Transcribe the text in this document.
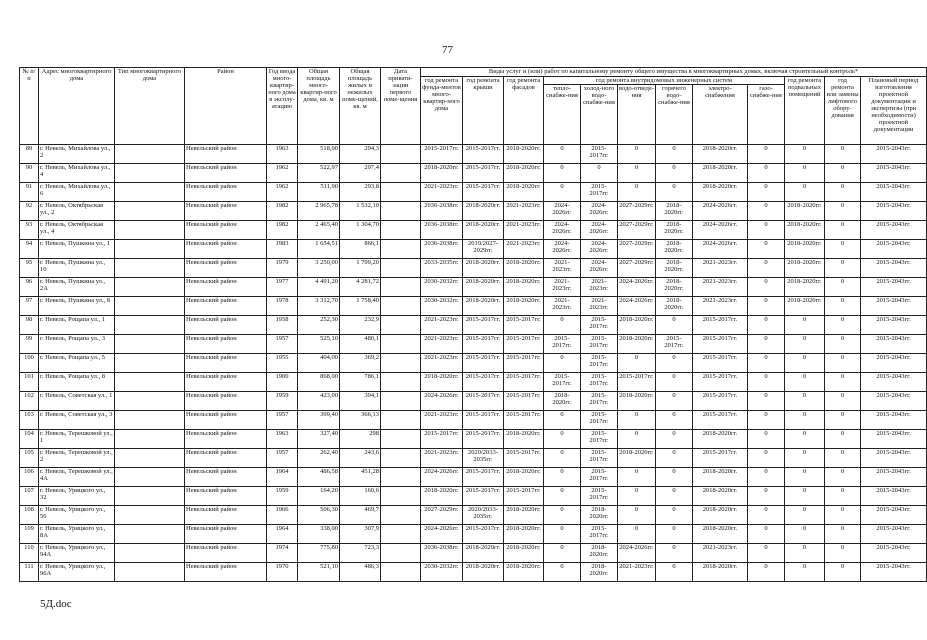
77
№ п/п	Адрес многоквартирного дома	Тип многоквартирного дома	Район	Год ввода много-квартир-ного дома в эксплу-атацию	Общая площадь много-квартир-ного дома, кв. м	Общая площадь жилых и нежилых поме-щений, кв. м	Дата привати-зации первого поме-щения	Виды услуг и (или) работ по капитальному ремонту общего имущества в многоквартирных домах, включая строительный контроль*											
								год ремонта фунда-ментов много-квартир-ного дома	год ремонта крыши	год ремонта фасадов	год ремонта внутридомовых инженерных систем						год ремонта подвальных помещений	год ремонта или замены лифтового обору-дования	Плановый период изготовления проектной документации и экспертизы (при необходимости) проектной документации
											тепло-снабже-ния	холод-ного водо-снабже-ния	водо-отведе-ния	горячего водо-снабже-ния	электро-снабжения	газо-снабже-ния			
89	г. Невель, Михайлова ул., 2		Невельский район	1963	518,90	294,3		2015-2017гг.	2015-2017гг.	2018-2020гг.	0	2015-2017гг.	0	0	2018-2020гг.	0	0	0	2015-2043гг.
90	г. Невель, Михайлова ул., 4		Невельский район	1962	522,97	297,4		2018-2020гг.	2015-2017гг.	2018-2020гг.	0	0	0	0	2018-2020гг.	0	0	0	2015-2043гг.
91	г. Невель, Михайлова ул., 6		Невельский район	1962	511,90	293,8		2021-2023гг.	2015-2017гг.	2018-2020гг.	0	2015-2017гг.	0	0	2018-2020гг.	0	0	0	2015-2043гг.
92	г. Невель, Октябрьская ул., 2		Невельский район	1982	2 965,78	1 532,10		2036-2038гг.	2018-2020гг.	2021-2023гг.	2024-2026гг.	2024-2026гг.	2027-2029гг.	2018-2020гг.	2024-2026гг.	0	2018-2020гг.	0	2015-2043гг.
93	г. Невель, Октябрьская ул., 4		Невельский район	1982	2 465,40	1 304,70		2036-2038гг.	2018-2020гг.	2021-2023гг.	2024-2026гг.	2024-2026гг.	2027-2029гг.	2018-2020гг.	2024-2026гг.	0	2018-2020гг.	0	2015-2043гг.
94	г. Невель, Пушкина ул., 1		Невельский район	1983	1 654,51	866,1		2036-2038гг.	2019/2027-2029гг.	2021-2023гг.	2024-2026гг.	2024-2026гг.	2027-2029гг.	2018-2020гг.	2024-2026гг.	0	2018-2020гг.	0	2015-2043гг.
95	г. Невель, Пушкина ул., 10		Невельский район	1979	3 250,00	1 709,20		2033-2035гг.	2018-2020гг.	2018-2020гг.	2021-2023гг.	2024-2026гг.	2027-2029гг.	2018-2020гг.	2021-2023гг.	0	2018-2020гг.	0	2015-2043гг.
96	г. Невель, Пушкина ул., 2А		Невельский район	1977	4 491,20	4 281,72		2030-2032гг.	2018-2020гг.	2018-2020гг.	2021-2023гг.	2021-2023гг.	2024-2026гг.	2018-2020гг.	2021-2023гг.	0	2018-2020гг.	0	2015-2043гг.
97	г. Невель, Пушкина ул., 8		Невельский район	1978	3 312,70	1 758,40		2030-2032гг.	2018-2020гг.	2018-2020гг.	2021-2023гг.	2021-2023гг.	2024-2026гг.	2018-2020гг.	2021-2023гг.	0	2018-2020гг.	0	2015-2043гг.
98	г. Невель, Рощапа ул., 1		Невельский район	1958	252,30	232,9		2021-2023гг.	2015-2017гг.	2015-2017гг.	0	2015-2017гг.	2018-2020гг.	0	2015-2017гг.	0	0	0	2015-2043гг.
99	г. Невель, Рощапа ул., 3		Невельский район	1957	525,10	480,1		2021-2023гг.	2015-2017гг.	2015-2017гг.	2015-2017гг.	2015-2017гг.	2018-2020гг.	2015-2017гг.	2015-2017гг.	0	0	0	2015-2043гг.
100	г. Невель, Рощапа ул., 5		Невельский район	1955	404,00	369,2		2021-2023гг.	2015-2017гг.	2015-2017гг.	0	2015-2017гг.	0	0	2015-2017гг.	0	0	0	2015-2043гг.
101	г. Невель, Рощапа ул., 8		Невельский район	1900	868,00	786,1		2018-2020гг.	2015-2017гг.	2015-2017гг.	2015-2017гг.	2015-2017гг.	2015-2017гг.	0	2015-2017гг.	0	0	0	2015-2043гг.
102	г. Невель, Советская ул., 1		Невельский район	1959	423,00	394,1		2024-2026гг.	2015-2017гг.	2015-2017гг.	2018-2020гг.	2015-2017гг.	2018-2020гг.	0	2015-2017гг.	0	0	0	2015-2043гг.
103	г. Невель, Советская ул., 3		Невельский район	1957	399,40	366,13		2021-2023гг.	2015-2017гг.	2015-2017гг.	0	2015-2017гг.	0	0	2015-2017гг.	0	0	0	2015-2043гг.
104	г. Невель, Терешковой ул., 1		Невельский район	1963	327,40	298		2015-2017гг.	2015-2017гг.	2018-2020гг.	0	2015-2017гг.	0	0	2018-2020гг.	0	0	0	2015-2043гг.
105	г. Невель, Терешковой ул., 2		Невельский район	1957	262,40	243,6		2021-2023гг.	2020/2033-2035гг.	2015-2017гг.	0	2015-2017гг.	2018-2020гг.	0	2015-2017гг.	0	0	0	2015-2043гг.
106	г. Невель, Терешковой ул., 4А		Невельский район	1964	486,58	451,28		2024-2026гг.	2015-2017гг.	2018-2020гг.	0	2015-2017гг.	0	0	2018-2020гг.	0	0	0	2015-2043гг.
107	г. Невель, Урицкого ул., 32		Невельский район	1959	164,20	160,6		2018-2020гг.	2015-2017гг.	2015-2017гг.	0	2015-2017гг.	0	0	2018-2020гг.	0	0	0	2015-2043гг.
108	г. Невель, Урицкого ул., 56		Невельский район	1966	506,30	469,7		2027-2029гг.	2020/2033-2035гг.	2018-2020гг.	0	2018-2020гг.	0	0	2018-2020гг.	0	0	0	2015-2043гг.
109	г. Невель, Урицкого ул., 8А		Невельский район	1964	338,00	307,9		2024-2026гг.	2015-2017гг.	2018-2020гг.	0	2015-2017гг.	0	0	2018-2020гг.	0	0	0	2015-2043гг.
110	г. Невель, Урицкого ул., 94А		Невельский район	1974	775,80	723,3		2036-2038гг.	2018-2020гг.	2018-2020гг.	0	2018-2020гг.	2024-2026гг.	0	2021-2023гг.	0	0	0	2015-2043гг.
111	г. Невель, Урицкого ул., 96А		Невельский район	1970	521,10	486,3		2030-2032гг.	2018-2020гг.	2018-2020гг.	0	2018-2020гг.	2021-2023гг.	0	2018-2020гг.	0	0	0	2015-2043гг.
5Д.doc
